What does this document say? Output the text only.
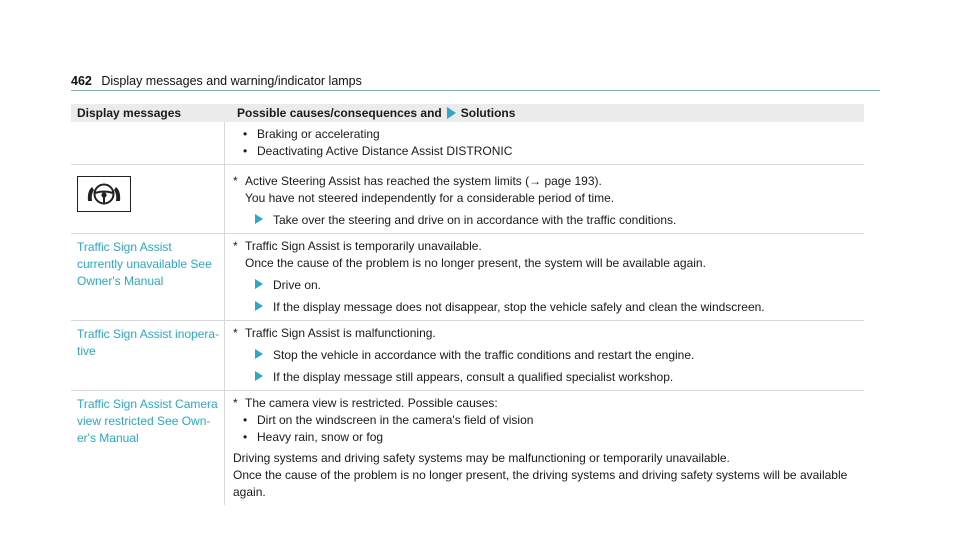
462 Display messages and warning/indicator lamps
Display messages	Possible causes/consequences and Solutions
• Braking or accelerating
• Deactivating Active Distance Assist DISTRONIC
* Active Steering Assist has reached the system limits (→ page 193).
You have not steered independently for a considerable period of time.
Take over the steering and drive on in accordance with the traffic conditions.
Traffic Sign Assist currently unavailable See Owner's Manual
* Traffic Sign Assist is temporarily unavailable.
Once the cause of the problem is no longer present, the system will be available again.
Drive on.
If the display message does not disappear, stop the vehicle safely and clean the windscreen.
Traffic Sign Assist inopera-tive
* Traffic Sign Assist is malfunctioning.
Stop the vehicle in accordance with the traffic conditions and restart the engine.
If the display message still appears, consult a qualified specialist workshop.
Traffic Sign Assist Camera view restricted See Own-er's Manual
* The camera view is restricted. Possible causes:
• Dirt on the windscreen in the camera's field of vision
• Heavy rain, snow or fog
Driving systems and driving safety systems may be malfunctioning or temporarily unavailable.
Once the cause of the problem is no longer present, the driving systems and driving safety systems will be available again.
